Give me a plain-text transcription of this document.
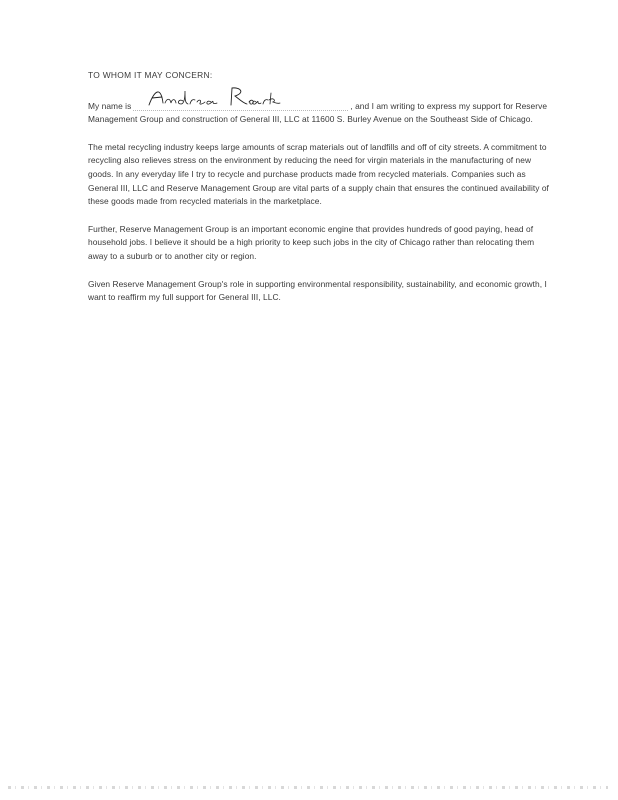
TO WHOM IT MAY CONCERN:
My name is	, and I am writing to express my support for Reserve Management Group and construction of General III, LLC at 11600 S. Burley Avenue on the Southeast Side of Chicago.
The metal recycling industry keeps large amounts of scrap materials out of landfills and off of city streets. A commitment to recycling also relieves stress on the environment by reducing the need for virgin materials in the manufacturing of new goods. In any everyday life I try to recycle and purchase products made from recycled materials. Companies such as General III, LLC and Reserve Management Group are vital parts of a supply chain that ensures the continued availability of these goods made from recycled materials in the marketplace.
Further, Reserve Management Group is an important economic engine that provides hundreds of good paying, head of household jobs. I believe it should be a high priority to keep such jobs in the city of Chicago rather than relocating them away to a suburb or to another city or region.
Given Reserve Management Group's role in supporting environmental responsibility, sustainability, and economic growth, I want to reaffirm my full support for General III, LLC.
